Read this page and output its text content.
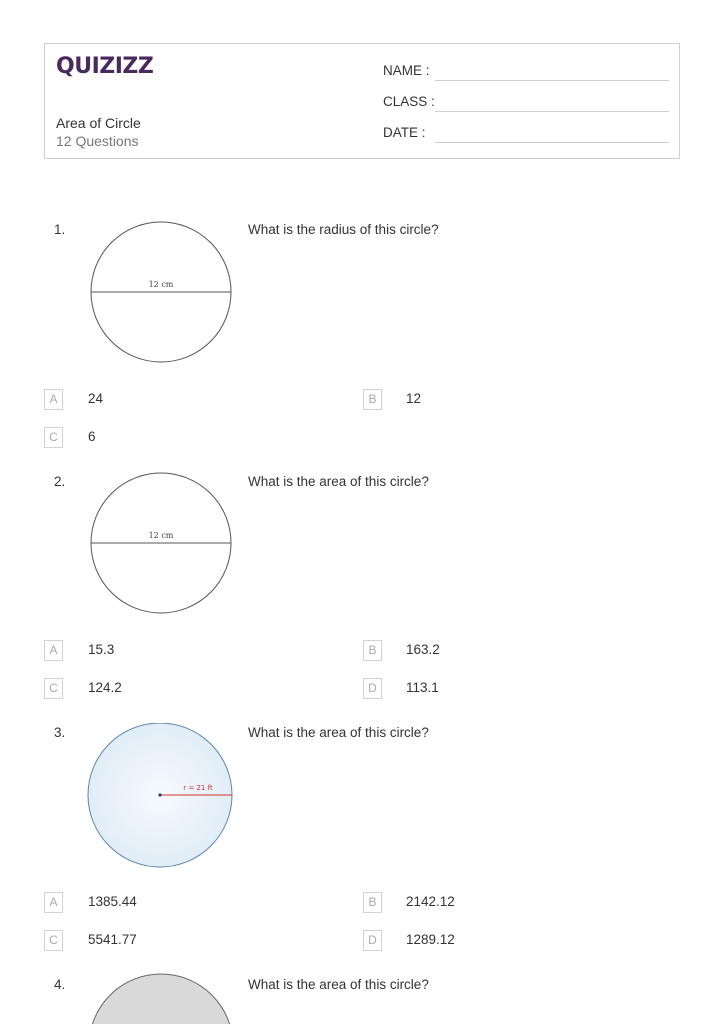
QUIZIZZ
Area of Circle
12 Questions
NAME :
CLASS :
DATE :
1.	What is the radius of this circle?
12 cm
A	24	B	12
C	6
2.	What is the area of this circle?
12 cm
A	15.3	B	163.2
C	124.2	D	113.1
3.	What is the area of this circle?
r = 21 ft
A	1385.44	B	2142.12
C	5541.77	D	1289.12
4.	What is the area of this circle?
